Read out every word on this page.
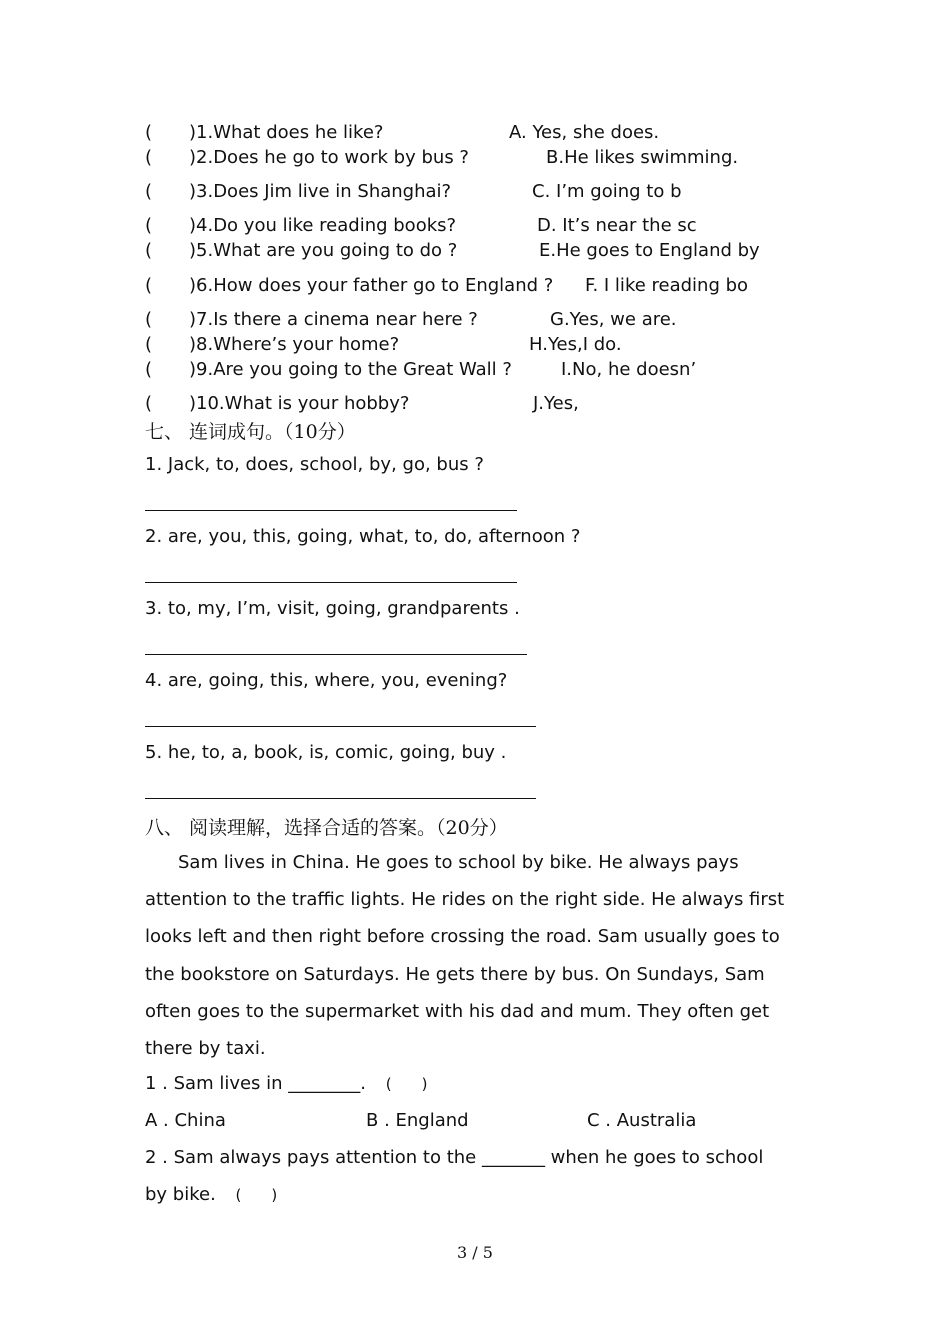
( )1.What does he like?	A. Yes, she does.
( )2.Does he go to work by bus ?	B.He likes swimming.
( )3.Does Jim live in Shanghai?	C. I’m going to b
( )4.Do you like reading books?	D. It’s near the sc
( )5.What are you going to do ?	E.He goes to England by
( )6.How does your father go to England ? F. I like reading bo
( )7.Is there a cinema near here ?	G.Yes, we are.
( )8.Where’s your home?	H.Yes,I do.
( )9.Are you going to the Great Wall ?	I.No, he doesn’
( )10.What is your hobby?	J.Yes,
七、 连词成句。（10分）
1. Jack, to, does, school, by, go, bus ?
2. are, you, this, going, what, to, do, afternoon ?
3. to, my, I’m, visit, going, grandparents .
4. are, going, this, where, you, evening?
5. he, to, a, book, is, comic, going, buy .
八、 阅读理解，选择合适的答案。（20分）

Sam lives in China. He goes to school by bike. He always pays attention to the traffic lights. He rides on the right side. He always first looks left and then right before crossing the road. Sam usually goes to the bookstore on Saturdays. He gets there by bus. On Sundays, Sam often goes to the supermarket with his dad and mum. They often get there by taxi.

1 . Sam lives in ________. (　　)
A . China	B . England	C . Australia
2 . Sam always pays attention to the _______ when he goes to school
by bike. (　　)
3 / 5
